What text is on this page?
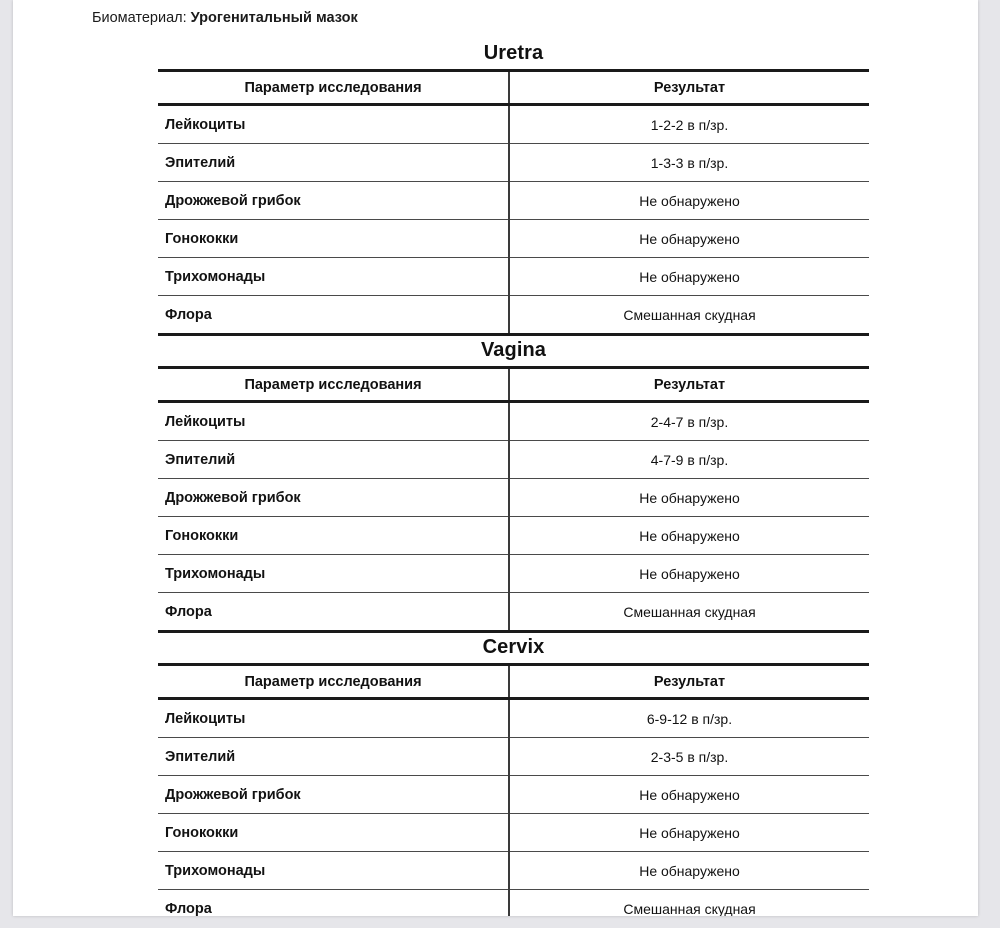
Биоматериал: Урогенитальный мазок
Uretra
Параметр исследования	Результат
Лейкоциты	1-2-2 в п/зр.
Эпителий	1-3-3 в п/зр.
Дрожжевой грибок	Не обнаружено
Гонококки	Не обнаружено
Трихомонады	Не обнаружено
Флора	Смешанная скудная
Vagina
Параметр исследования	Результат
Лейкоциты	2-4-7 в п/зр.
Эпителий	4-7-9 в п/зр.
Дрожжевой грибок	Не обнаружено
Гонококки	Не обнаружено
Трихомонады	Не обнаружено
Флора	Смешанная скудная
Cervix
Параметр исследования	Результат
Лейкоциты	6-9-12 в п/зр.
Эпителий	2-3-5 в п/зр.
Дрожжевой грибок	Не обнаружено
Гонококки	Не обнаружено
Трихомонады	Не обнаружено
Флора	Смешанная скудная
